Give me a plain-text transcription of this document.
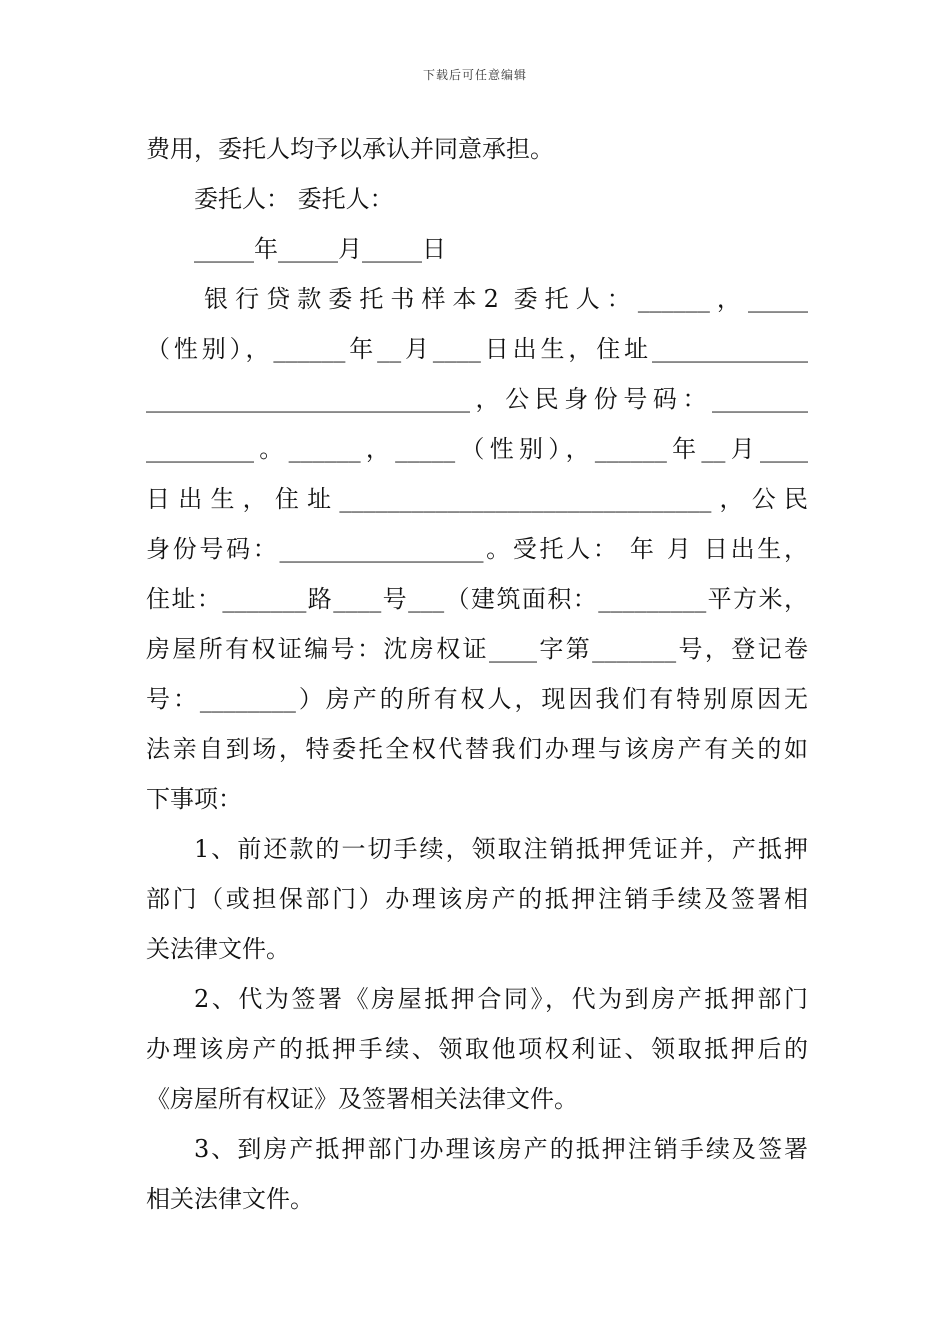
下载后可任意编辑
费用，委托人均予以承认并同意承担。
委托人： 委托人：
_____年_____月_____日
银行贷款委托书样本2 委托人：______，_____
（性别），______年__月____日出生，住址_____________
___________________________，公民身份号码：________
_________。______，_____（性别），______年__月____
日出生，住址_______________________________，公民
身份号码：_________________。受托人： 年 月 日出生，
住址：_______路____号___（建筑面积：_________平方米，
房屋所有权证编号：沈房权证____字第_______号，登记卷
号：________）房产的所有权人，现因我们有特别原因无
法亲自到场，特委托全权代替我们办理与该房产有关的如
下事项：
1、前还款的一切手续，领取注销抵押凭证并，产抵押
部门（或担保部门）办理该房产的抵押注销手续及签署相
关法律文件。
2、代为签署《房屋抵押合同》，代为到房产抵押部门
办理该房产的抵押手续、领取他项权利证、领取抵押后的
《房屋所有权证》及签署相关法律文件。
3、到房产抵押部门办理该房产的抵押注销手续及签署
相关法律文件。
